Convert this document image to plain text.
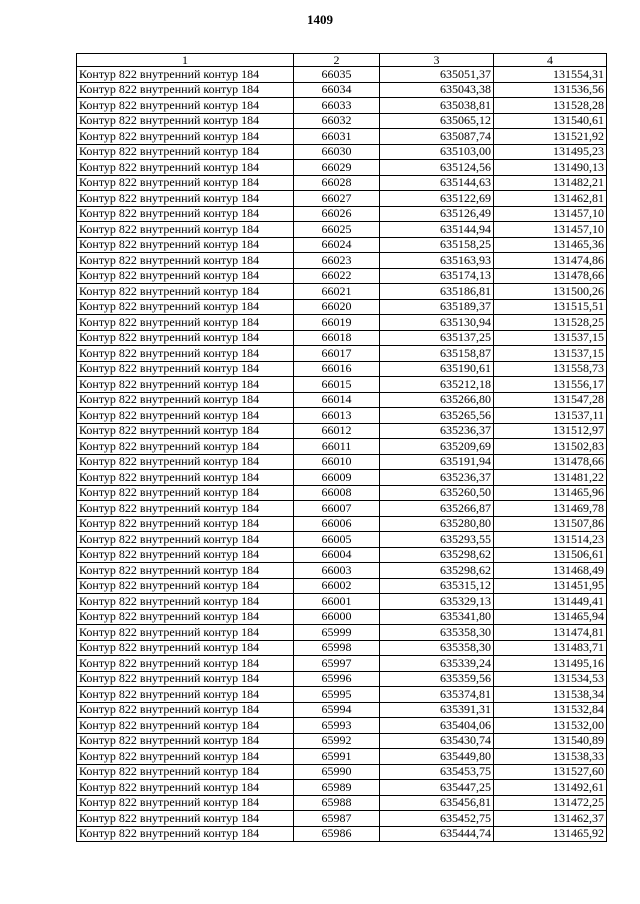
1409
1	2	3	4
Контур 822 внутренний контур 184	66035	635051,37	131554,31
Контур 822 внутренний контур 184	66034	635043,38	131536,56
Контур 822 внутренний контур 184	66033	635038,81	131528,28
Контур 822 внутренний контур 184	66032	635065,12	131540,61
Контур 822 внутренний контур 184	66031	635087,74	131521,92
Контур 822 внутренний контур 184	66030	635103,00	131495,23
Контур 822 внутренний контур 184	66029	635124,56	131490,13
Контур 822 внутренний контур 184	66028	635144,63	131482,21
Контур 822 внутренний контур 184	66027	635122,69	131462,81
Контур 822 внутренний контур 184	66026	635126,49	131457,10
Контур 822 внутренний контур 184	66025	635144,94	131457,10
Контур 822 внутренний контур 184	66024	635158,25	131465,36
Контур 822 внутренний контур 184	66023	635163,93	131474,86
Контур 822 внутренний контур 184	66022	635174,13	131478,66
Контур 822 внутренний контур 184	66021	635186,81	131500,26
Контур 822 внутренний контур 184	66020	635189,37	131515,51
Контур 822 внутренний контур 184	66019	635130,94	131528,25
Контур 822 внутренний контур 184	66018	635137,25	131537,15
Контур 822 внутренний контур 184	66017	635158,87	131537,15
Контур 822 внутренний контур 184	66016	635190,61	131558,73
Контур 822 внутренний контур 184	66015	635212,18	131556,17
Контур 822 внутренний контур 184	66014	635266,80	131547,28
Контур 822 внутренний контур 184	66013	635265,56	131537,11
Контур 822 внутренний контур 184	66012	635236,37	131512,97
Контур 822 внутренний контур 184	66011	635209,69	131502,83
Контур 822 внутренний контур 184	66010	635191,94	131478,66
Контур 822 внутренний контур 184	66009	635236,37	131481,22
Контур 822 внутренний контур 184	66008	635260,50	131465,96
Контур 822 внутренний контур 184	66007	635266,87	131469,78
Контур 822 внутренний контур 184	66006	635280,80	131507,86
Контур 822 внутренний контур 184	66005	635293,55	131514,23
Контур 822 внутренний контур 184	66004	635298,62	131506,61
Контур 822 внутренний контур 184	66003	635298,62	131468,49
Контур 822 внутренний контур 184	66002	635315,12	131451,95
Контур 822 внутренний контур 184	66001	635329,13	131449,41
Контур 822 внутренний контур 184	66000	635341,80	131465,94
Контур 822 внутренний контур 184	65999	635358,30	131474,81
Контур 822 внутренний контур 184	65998	635358,30	131483,71
Контур 822 внутренний контур 184	65997	635339,24	131495,16
Контур 822 внутренний контур 184	65996	635359,56	131534,53
Контур 822 внутренний контур 184	65995	635374,81	131538,34
Контур 822 внутренний контур 184	65994	635391,31	131532,84
Контур 822 внутренний контур 184	65993	635404,06	131532,00
Контур 822 внутренний контур 184	65992	635430,74	131540,89
Контур 822 внутренний контур 184	65991	635449,80	131538,33
Контур 822 внутренний контур 184	65990	635453,75	131527,60
Контур 822 внутренний контур 184	65989	635447,25	131492,61
Контур 822 внутренний контур 184	65988	635456,81	131472,25
Контур 822 внутренний контур 184	65987	635452,75	131462,37
Контур 822 внутренний контур 184	65986	635444,74	131465,92
